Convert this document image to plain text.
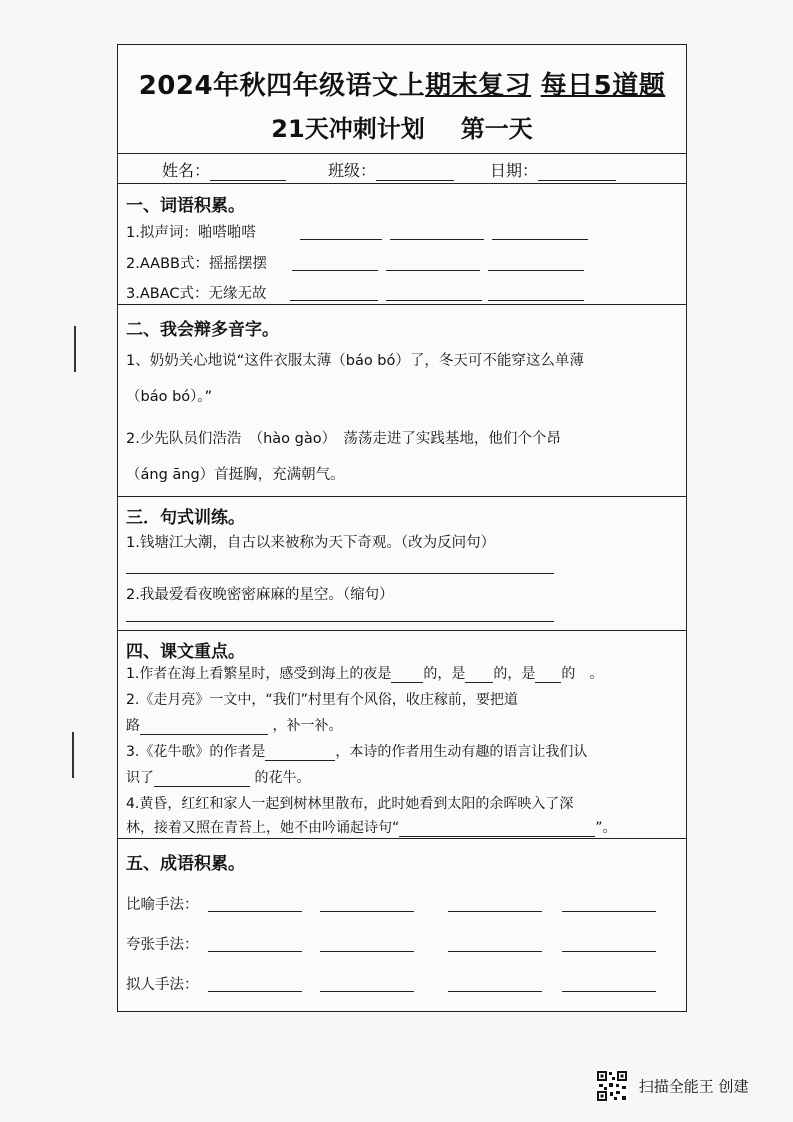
2024年秋四年级语文上期末复习 每日5道题
21天冲刺计划 第一天
姓名：	班级：	日期：
一、词语积累。
1.拟声词：啪嗒啪嗒
2.AABB式：摇摇摆摆
3.ABAC式：无缘无故
二、我会辩多音字。
1、奶奶关心地说“这件衣服太薄（báo bó）了，冬天可不能穿这么单薄
（báo bó）。”
2.少先队员们浩浩　（hào gào）　荡荡走进了实践基地，他们个个昂
（áng āng）首挺胸，充满朝气。
三．句式训练。
1.钱塘江大潮，自古以来被称为天下奇观。（改为反问句）
2.我最爱看夜晚密密麻麻的星空。（缩句）
四、课文重点。
1.作者在海上看繁星时，感受到海上的夜是 的，是 的，是 的　。
2.《走月亮》一文中，“我们”村里有个风俗，收庄稼前，要把道
路	，补一补。
3.《花牛歌》的作者是	，本诗的作者用生动有趣的语言让我们认
识了	的花牛。
4.黄昏，红红和家人一起到树林里散布，此时她看到太阳的余晖映入了深
林，接着又照在青苔上，她不由吟诵起诗句“	”。
五、成语积累。
比喻手法：
夸张手法：
拟人手法：
扫描全能王 创建
